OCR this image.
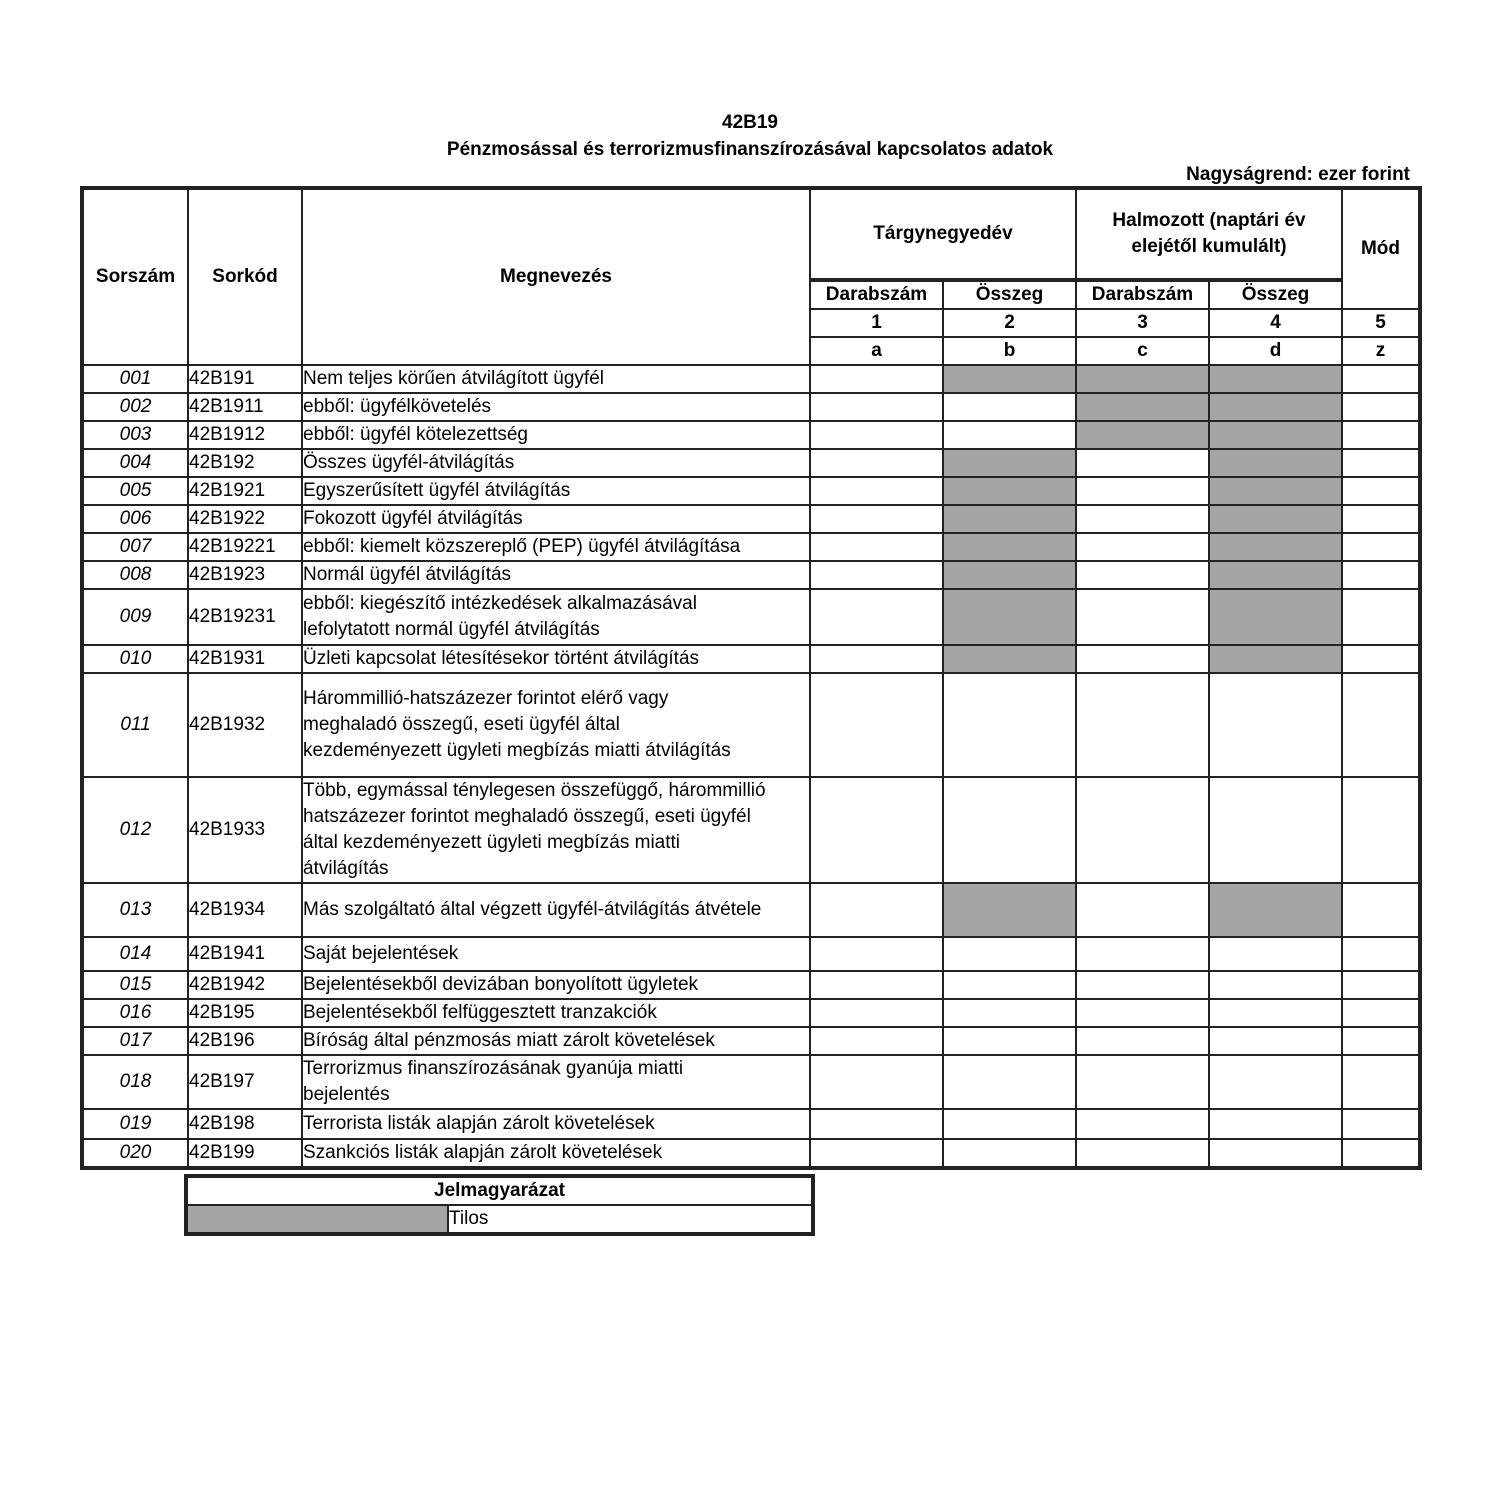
42B19
Pénzmosással és terrorizmusfinanszírozásával kapcsolatos adatok
Nagyságrend: ezer forint
Sorszám	Sorkód	Megnevezés	Tárgynegyedév		Halmozott (naptári év elejétől kumulált)		Mód
			Darabszám	Összeg	Darabszám	Összeg	
			1	2	3	4	5
			a	b	c	d	z
001	42B191	Nem teljes körűen átvilágított ügyfél					
002	42B1911	ebből: ügyfélkövetelés					
003	42B1912	ebből: ügyfél kötelezettség					
004	42B192	Összes ügyfél-átvilágítás					
005	42B1921	Egyszerűsített ügyfél átvilágítás					
006	42B1922	Fokozott ügyfél átvilágítás					
007	42B19221	ebből: kiemelt közszereplő (PEP) ügyfél átvilágítása					
008	42B1923	Normál ügyfél átvilágítás					
009	42B19231	ebből: kiegészítő intézkedések alkalmazásával
lefolytatott normál ügyfél átvilágítás					
010	42B1931	Üzleti kapcsolat létesítésekor történt átvilágítás					
011	42B1932	Hárommillió-hatszázezer forintot elérő vagy
meghaladó összegű, eseti ügyfél által
kezdeményezett ügyleti megbízás miatti átvilágítás					
012	42B1933	Több, egymással ténylegesen összefüggő, hárommillió
hatszázezer forintot meghaladó összegű, eseti ügyfél
által kezdeményezett ügyleti megbízás miatti
átvilágítás					
013	42B1934	Más szolgáltató által végzett ügyfél-átvilágítás átvétele					
014	42B1941	Saját bejelentések					
015	42B1942	Bejelentésekből devizában bonyolított ügyletek					
016	42B195	Bejelentésekből felfüggesztett tranzakciók					
017	42B196	Bíróság által pénzmosás miatt zárolt követelések					
018	42B197	Terrorizmus finanszírozásának gyanúja miatti
bejelentés					
019	42B198	Terrorista listák alapján zárolt követelések					
020	42B199	Szankciós listák alapján zárolt követelések					
Jelmagyarázat
	Tilos
